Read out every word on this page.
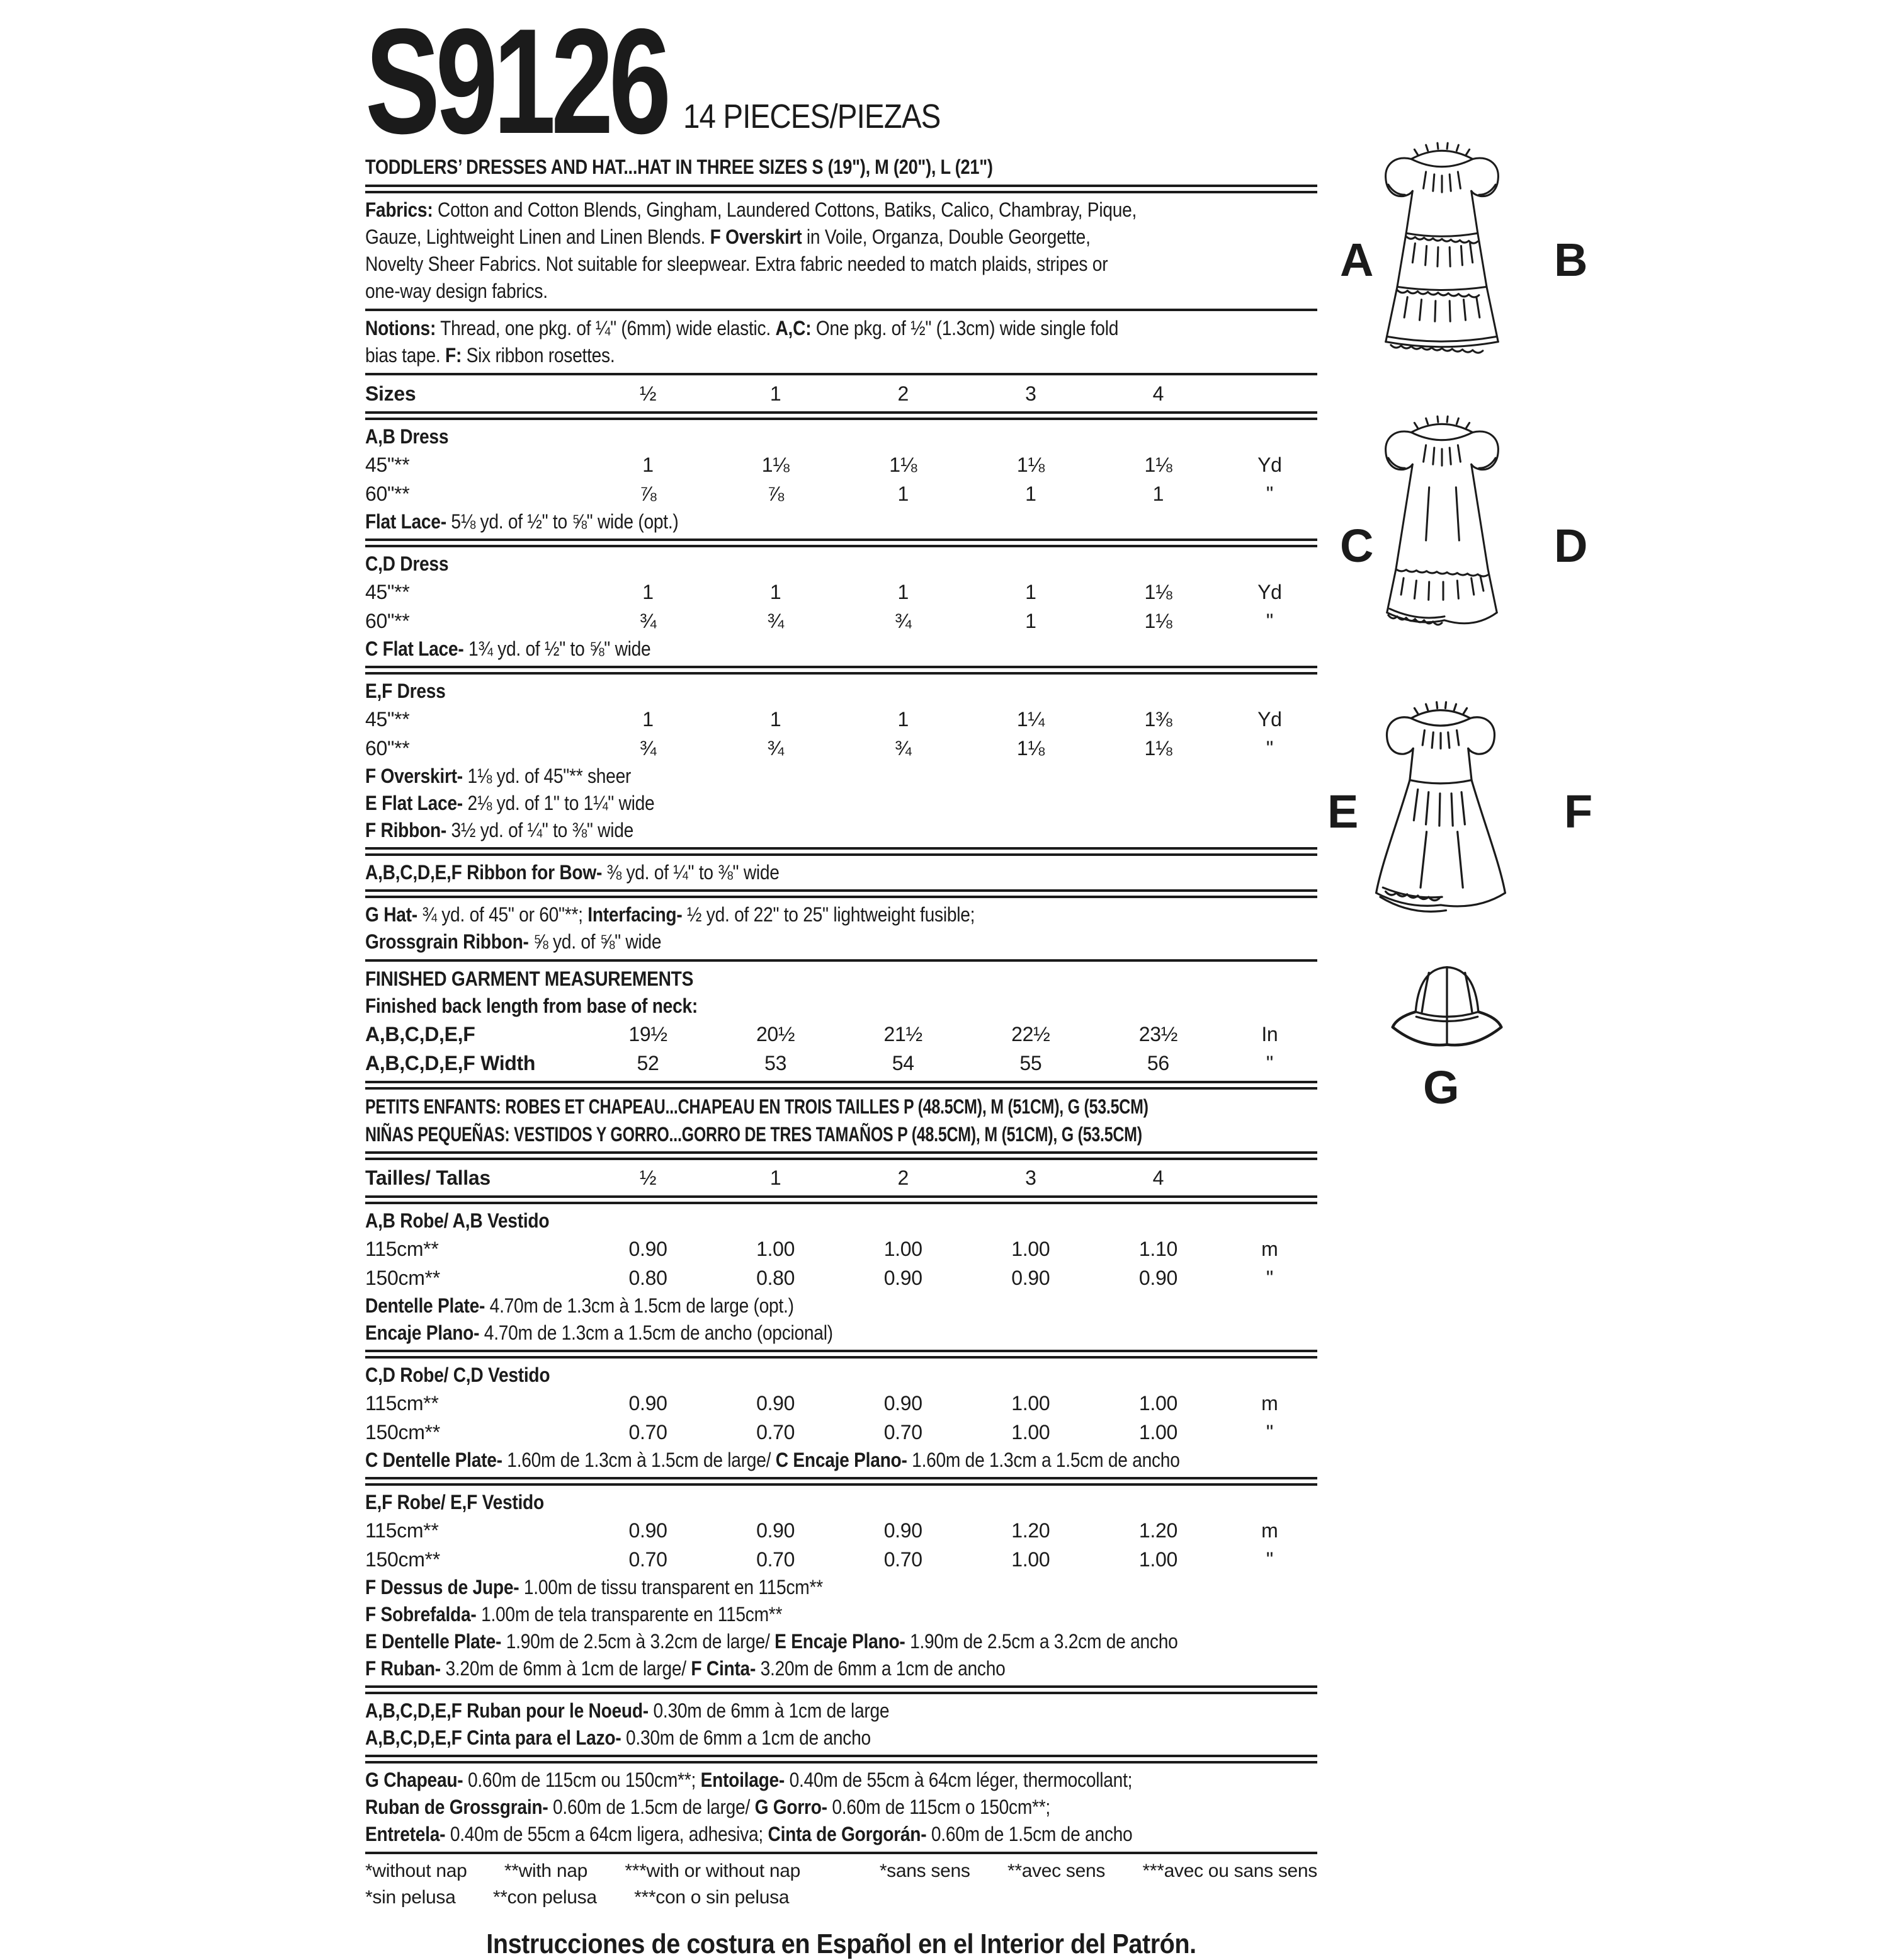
S9126 14 PIECES/PIEZAS
TODDLERS’ DRESSES AND HAT...HAT IN THREE SIZES S (19"), M (20"), L (21")
Fabrics: Cotton and Cotton Blends, Gingham, Laundered Cottons, Batiks, Calico, Chambray, Pique,
Gauze, Lightweight Linen and Linen Blends. F Overskirt in Voile, Organza, Double Georgette,
Novelty Sheer Fabrics. Not suitable for sleepwear. Extra fabric needed to match plaids, stripes or
one-way design fabrics.
Notions: Thread, one pkg. of ¼" (6mm) wide elastic. A,C: One pkg. of ½" (1.3cm) wide single fold
bias tape. F: Six ribbon rosettes.
Sizes	½	1	2	3	4
A,B Dress
45"**	1	1⅛	1⅛	1⅛	1⅛	Yd
60"**	⅞	⅞	1	1	1	"
Flat Lace- 5⅛ yd. of ½" to ⅝" wide (opt.)
C,D Dress
45"**	1	1	1	1	1⅛	Yd
60"**	¾	¾	¾	1	1⅛	"
C Flat Lace- 1¾ yd. of ½" to ⅝" wide
E,F Dress
45"**	1	1	1	1¼	1⅜	Yd
60"**	¾	¾	¾	1⅛	1⅛	"
F Overskirt- 1⅛ yd. of 45"** sheer
E Flat Lace- 2⅛ yd. of 1" to 1¼" wide
F Ribbon- 3½ yd. of ¼" to ⅜" wide
A,B,C,D,E,F Ribbon for Bow- ⅜ yd. of ¼" to ⅜" wide
G Hat- ¾ yd. of 45" or 60"**; Interfacing- ½ yd. of 22" to 25" lightweight fusible;
Grossgrain Ribbon- ⅝ yd. of ⅝" wide
FINISHED GARMENT MEASUREMENTS
Finished back length from base of neck:
A,B,C,D,E,F	19½	20½	21½	22½	23½	In
A,B,C,D,E,F Width	52	53	54	55	56	"
PETITS ENFANTS: ROBES ET CHAPEAU...CHAPEAU EN TROIS TAILLES P (48.5CM), M (51CM), G (53.5CM)
NIÑAS PEQUEÑAS: VESTIDOS Y GORRO...GORRO DE TRES TAMAÑOS P (48.5CM), M (51CM), G (53.5CM)
Tailles/ Tallas	½	1	2	3	4
A,B Robe/ A,B Vestido
115cm**	0.90	1.00	1.00	1.00	1.10	m
150cm**	0.80	0.80	0.90	0.90	0.90	"
Dentelle Plate- 4.70m de 1.3cm à 1.5cm de large (opt.)
Encaje Plano- 4.70m de 1.3cm a 1.5cm de ancho (opcional)
C,D Robe/ C,D Vestido
115cm**	0.90	0.90	0.90	1.00	1.00	m
150cm**	0.70	0.70	0.70	1.00	1.00	"
C Dentelle Plate- 1.60m de 1.3cm à 1.5cm de large/ C Encaje Plano- 1.60m de 1.3cm a 1.5cm de ancho
E,F Robe/ E,F Vestido
115cm**	0.90	0.90	0.90	1.20	1.20	m
150cm**	0.70	0.70	0.70	1.00	1.00	"
F Dessus de Jupe- 1.00m de tissu transparent en 115cm**
F Sobrefalda- 1.00m de tela transparente en 115cm**
E Dentelle Plate- 1.90m de 2.5cm à 3.2cm de large/ E Encaje Plano- 1.90m de 2.5cm a 3.2cm de ancho
F Ruban- 3.20m de 6mm à 1cm de large/ F Cinta- 3.20m de 6mm a 1cm de ancho
A,B,C,D,E,F Ruban pour le Noeud- 0.30m de 6mm à 1cm de large
A,B,C,D,E,F Cinta para el Lazo- 0.30m de 6mm a 1cm de ancho
G Chapeau- 0.60m de 115cm ou 150cm**; Entoilage- 0.40m de 55cm à 64cm léger, thermocollant;
Ruban de Grossgrain- 0.60m de 1.5cm de large/ G Gorro- 0.60m de 115cm o 150cm**;
Entretela- 0.40m de 55cm a 64cm ligera, adhesiva; Cinta de Gorgorán- 0.60m de 1.5cm de ancho
*without nap  **with nap  ***with or without nap	*sans sens  **avec sens  ***avec ou sans sens
*sin pelusa  **con pelusa  ***con o sin pelusa
Instrucciones de costura en Español en el Interior del Patrón.
A	B
C	D
E	F
G
